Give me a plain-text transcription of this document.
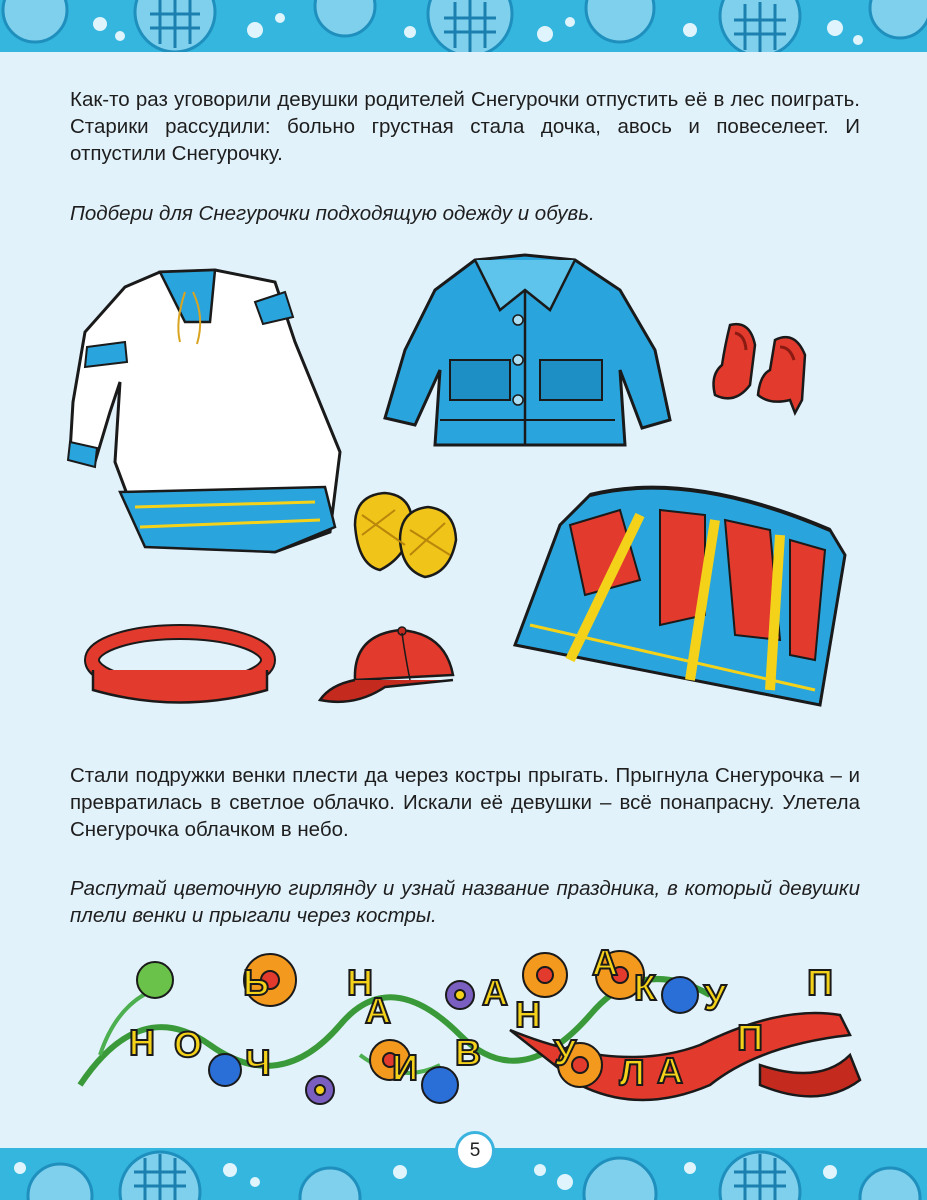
Как-то раз уговорили девушки родителей Снегурочки отпустить её в лес поиграть. Старики рассудили: больно грустная стала дочка, авось и повеселеет. И отпустили Снегурочку.
Подбери для Снегурочки подходящую одежду и обувь.
Стали подружки венки плести да через костры прыгать. Прыгнула Снегурочка – и превратилась в светлое облачко. Искали её девушки – всё понапрасну. Улетела Снегурочка облачком в небо.
Распутай цветочную гирлянду и узнай название праздника, в который девушки плели венки и прыгали через костры.
Н О Ч
Ь Н
А
И В
А
Н
У
А
К
Л А
У
П
П
5
